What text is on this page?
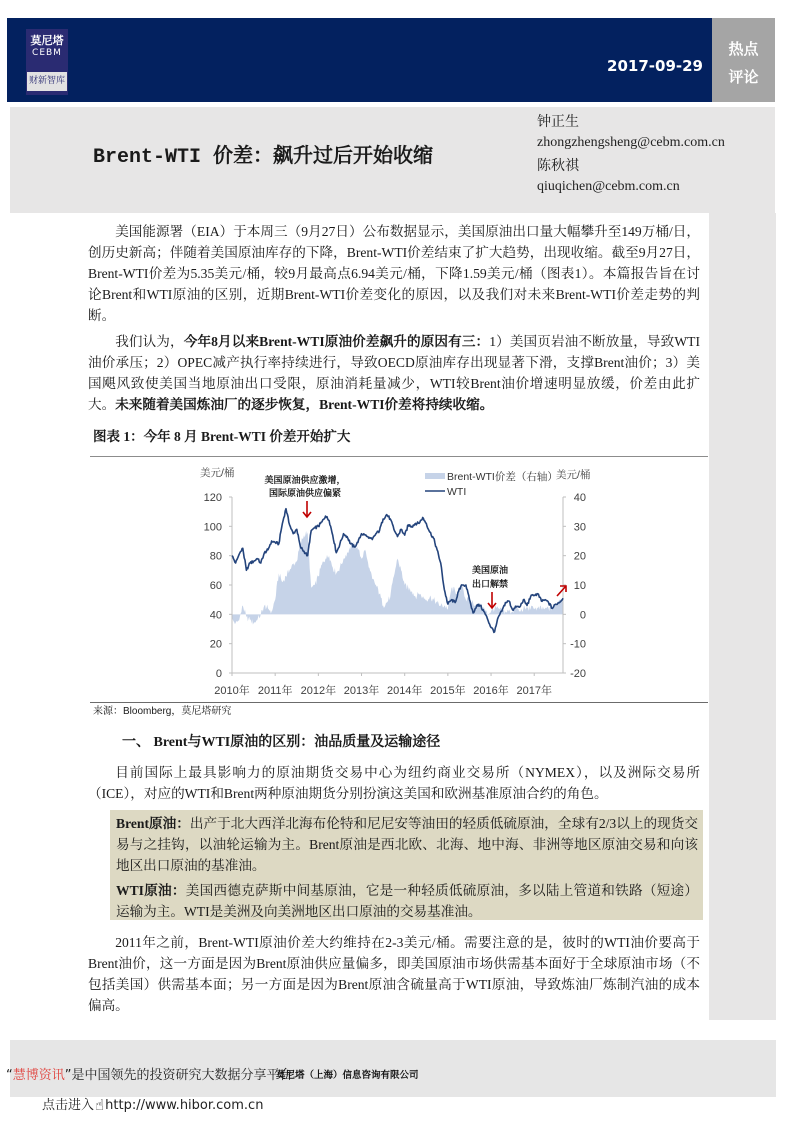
莫尼塔
CEBM
财新智库
2017-09-29
热点
评论
Brent-WTI 价差：飙升过后开始收缩
钟正生
zhongzhengsheng@cebm.com.cn
陈秋祺
qiuqichen@cebm.com.cn
美国能源署（EIA）于本周三（9月27日）公布数据显示，美国原油出口量大幅攀升至149万桶/日，创历史新高；伴随着美国原油库存的下降，Brent-WTI价差结束了扩大趋势，出现收缩。截至9月27日，Brent-WTI价差为5.35美元/桶，较9月最高点6.94美元/桶，下降1.59美元/桶（图表1）。本篇报告旨在讨论Brent和WTI原油的区别，近期Brent-WTI价差变化的原因，以及我们对未来Brent-WTI价差走势的判断。
我们认为，今年8月以来Brent-WTI原油价差飙升的原因有三：1）美国页岩油不断放量，导致WTI油价承压；2）OPEC减产执行率持续进行，导致OECD原油库存出现显著下滑，支撑Brent油价；3）美国飓风致使美国当地原油出口受限，原油消耗量减少，WTI较Brent油价增速明显放缓，价差由此扩大。未来随着美国炼油厂的逐步恢复，Brent-WTI价差将持续收缩。
图表 1：今年 8 月 Brent-WTI 价差开始扩大
0
20
40
60
80
100
120
-20
-10
0
10
20
30
40
2010年 2011年 2012年 2013年 2014年 2015年 2016年 2017年
美元/桶	美元/桶
Brent-WTI价差（右轴）
WTI
美国原油供应激增，
国际原油供应偏紧
美国原油
出口解禁
来源：Bloomberg，莫尼塔研究
一、 Brent与WTI原油的区别：油品质量及运输途径
目前国际上最具影响力的原油期货交易中心为纽约商业交易所（NYMEX），以及洲际交易所（ICE），对应的WTI和Brent两种原油期货分别扮演这美国和欧洲基准原油合约的角色。
Brent原油：出产于北大西洋北海布伦特和尼尼安等油田的轻质低硫原油，全球有2/3以上的现货交易与之挂钩，以油轮运输为主。Brent原油是西北欧、北海、地中海、非洲等地区原油交易和向该地区出口原油的基准油。
WTI原油：美国西德克萨斯中间基原油，它是一种轻质低硫原油，多以陆上管道和铁路（短途）运输为主。WTI是美洲及向美洲地区出口原油的交易基准油。
2011年之前，Brent-WTI原油价差大约维持在2-3美元/桶。需要注意的是，彼时的WTI油价要高于Brent油价，这一方面是因为Brent原油供应量偏多，即美国原油市场供需基本面好于全球原油市场（不包括美国）供需基本面；另一方面是因为Brent原油含硫量高于WTI原油，导致炼油厂炼制汽油的成本偏高。
“慧博资讯”是中国领先的投资研究大数据分享平台
莫尼塔（上海）信息咨询有限公司
点击进入☝http://www.hibor.com.cn
